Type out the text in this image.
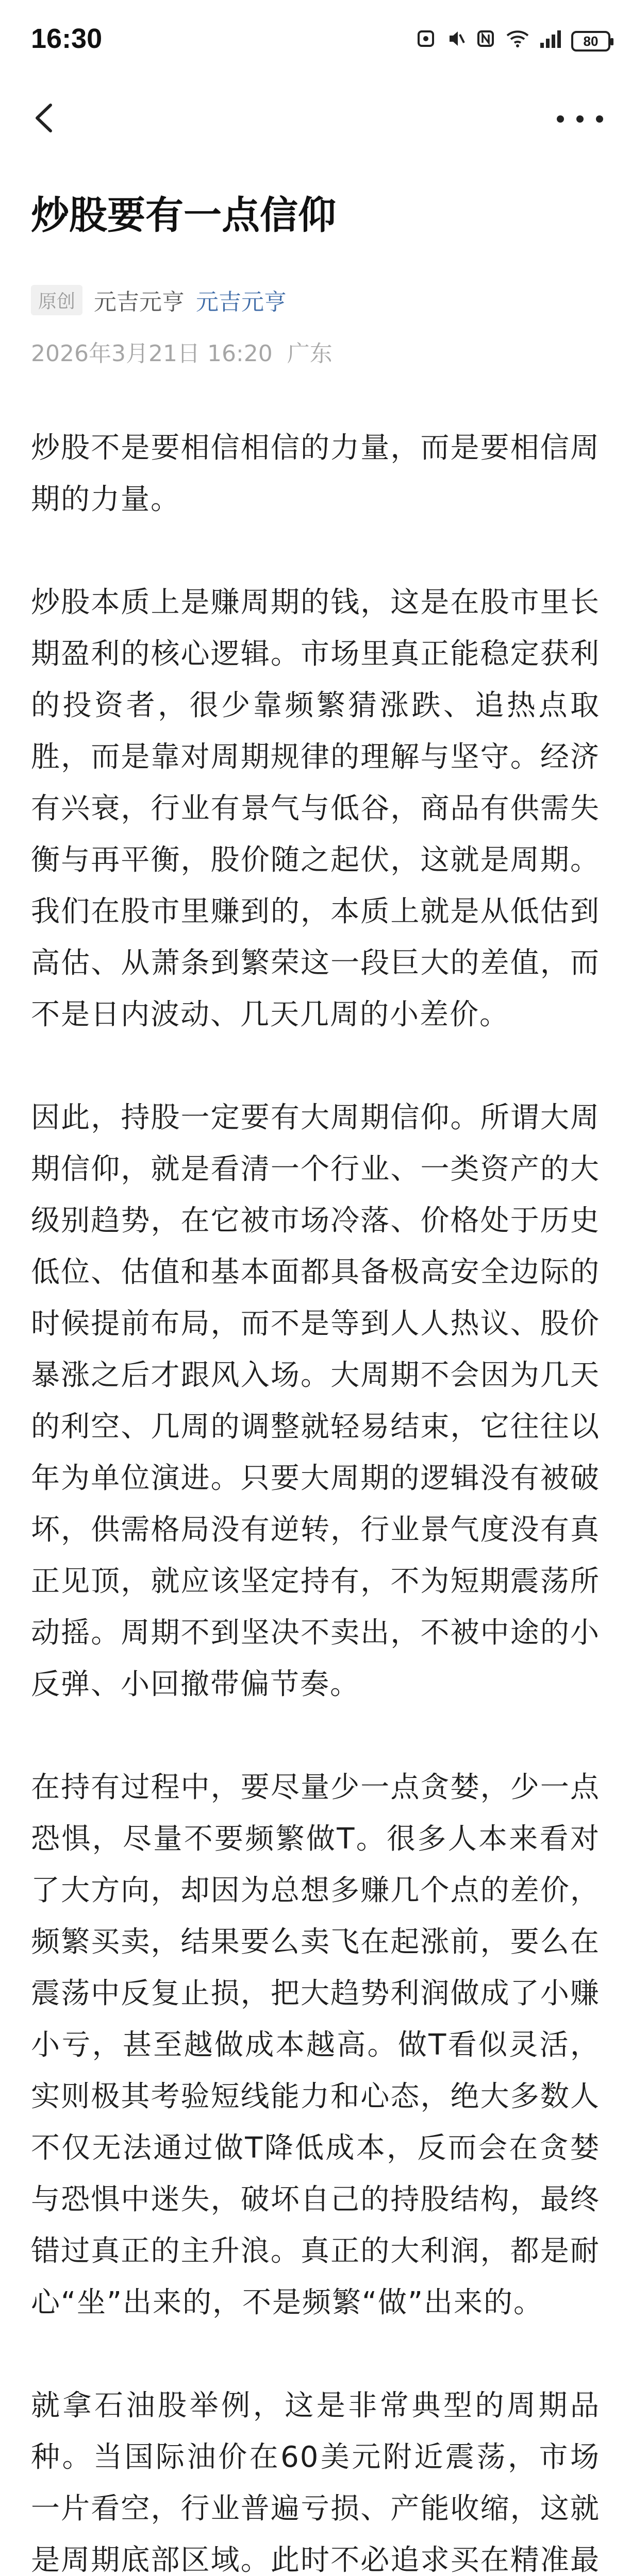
16:30	80
炒股要有一点信仰
原创 元吉元亨 元吉元亨
2026年3月21日 16:20 广东

炒股不是要相信相信的力量，而是要相信周期的力量。

炒股本质上是赚周期的钱，这是在股市里长期盈利的核心逻辑。市场里真正能稳定获利的投资者，很少靠频繁猜涨跌、追热点取胜，而是靠对周期规律的理解与坚守。经济有兴衰，行业有景气与低谷，商品有供需失衡与再平衡，股价随之起伏，这就是周期。我们在股市里赚到的，本质上就是从低估到高估、从萧条到繁荣这一段巨大的差值，而不是日内波动、几天几周的小差价。

因此，持股一定要有大周期信仰。所谓大周期信仰，就是看清一个行业、一类资产的大级别趋势，在它被市场冷落、价格处于历史低位、估值和基本面都具备极高安全边际的时候提前布局，而不是等到人人热议、股价暴涨之后才跟风入场。大周期不会因为几天的利空、几周的调整就轻易结束，它往往以年为单位演进。只要大周期的逻辑没有被破坏，供需格局没有逆转，行业景气度没有真正见顶，就应该坚定持有，不为短期震荡所动摇。周期不到坚决不卖出，不被中途的小反弹、小回撤带偏节奏。

在持有过程中，要尽量少一点贪婪，少一点恐惧，尽量不要频繁做T。很多人本来看对了大方向，却因为总想多赚几个点的差价，频繁买卖，结果要么卖飞在起涨前，要么在震荡中反复止损，把大趋势利润做成了小赚小亏，甚至越做成本越高。做T看似灵活，实则极其考验短线能力和心态，绝大多数人不仅无法通过做T降低成本，反而会在贪婪与恐惧中迷失，破坏自己的持股结构，最终错过真正的主升浪。真正的大利润，都是耐心“坐”出来的，不是频繁“做”出来的。

就拿石油股举例，这是非常典型的周期品种。当国际油价在60美元附近震荡，市场一片看空，行业普遍亏损、产能收缩，这就是周期底部区域。此时不必追求买在精准最
